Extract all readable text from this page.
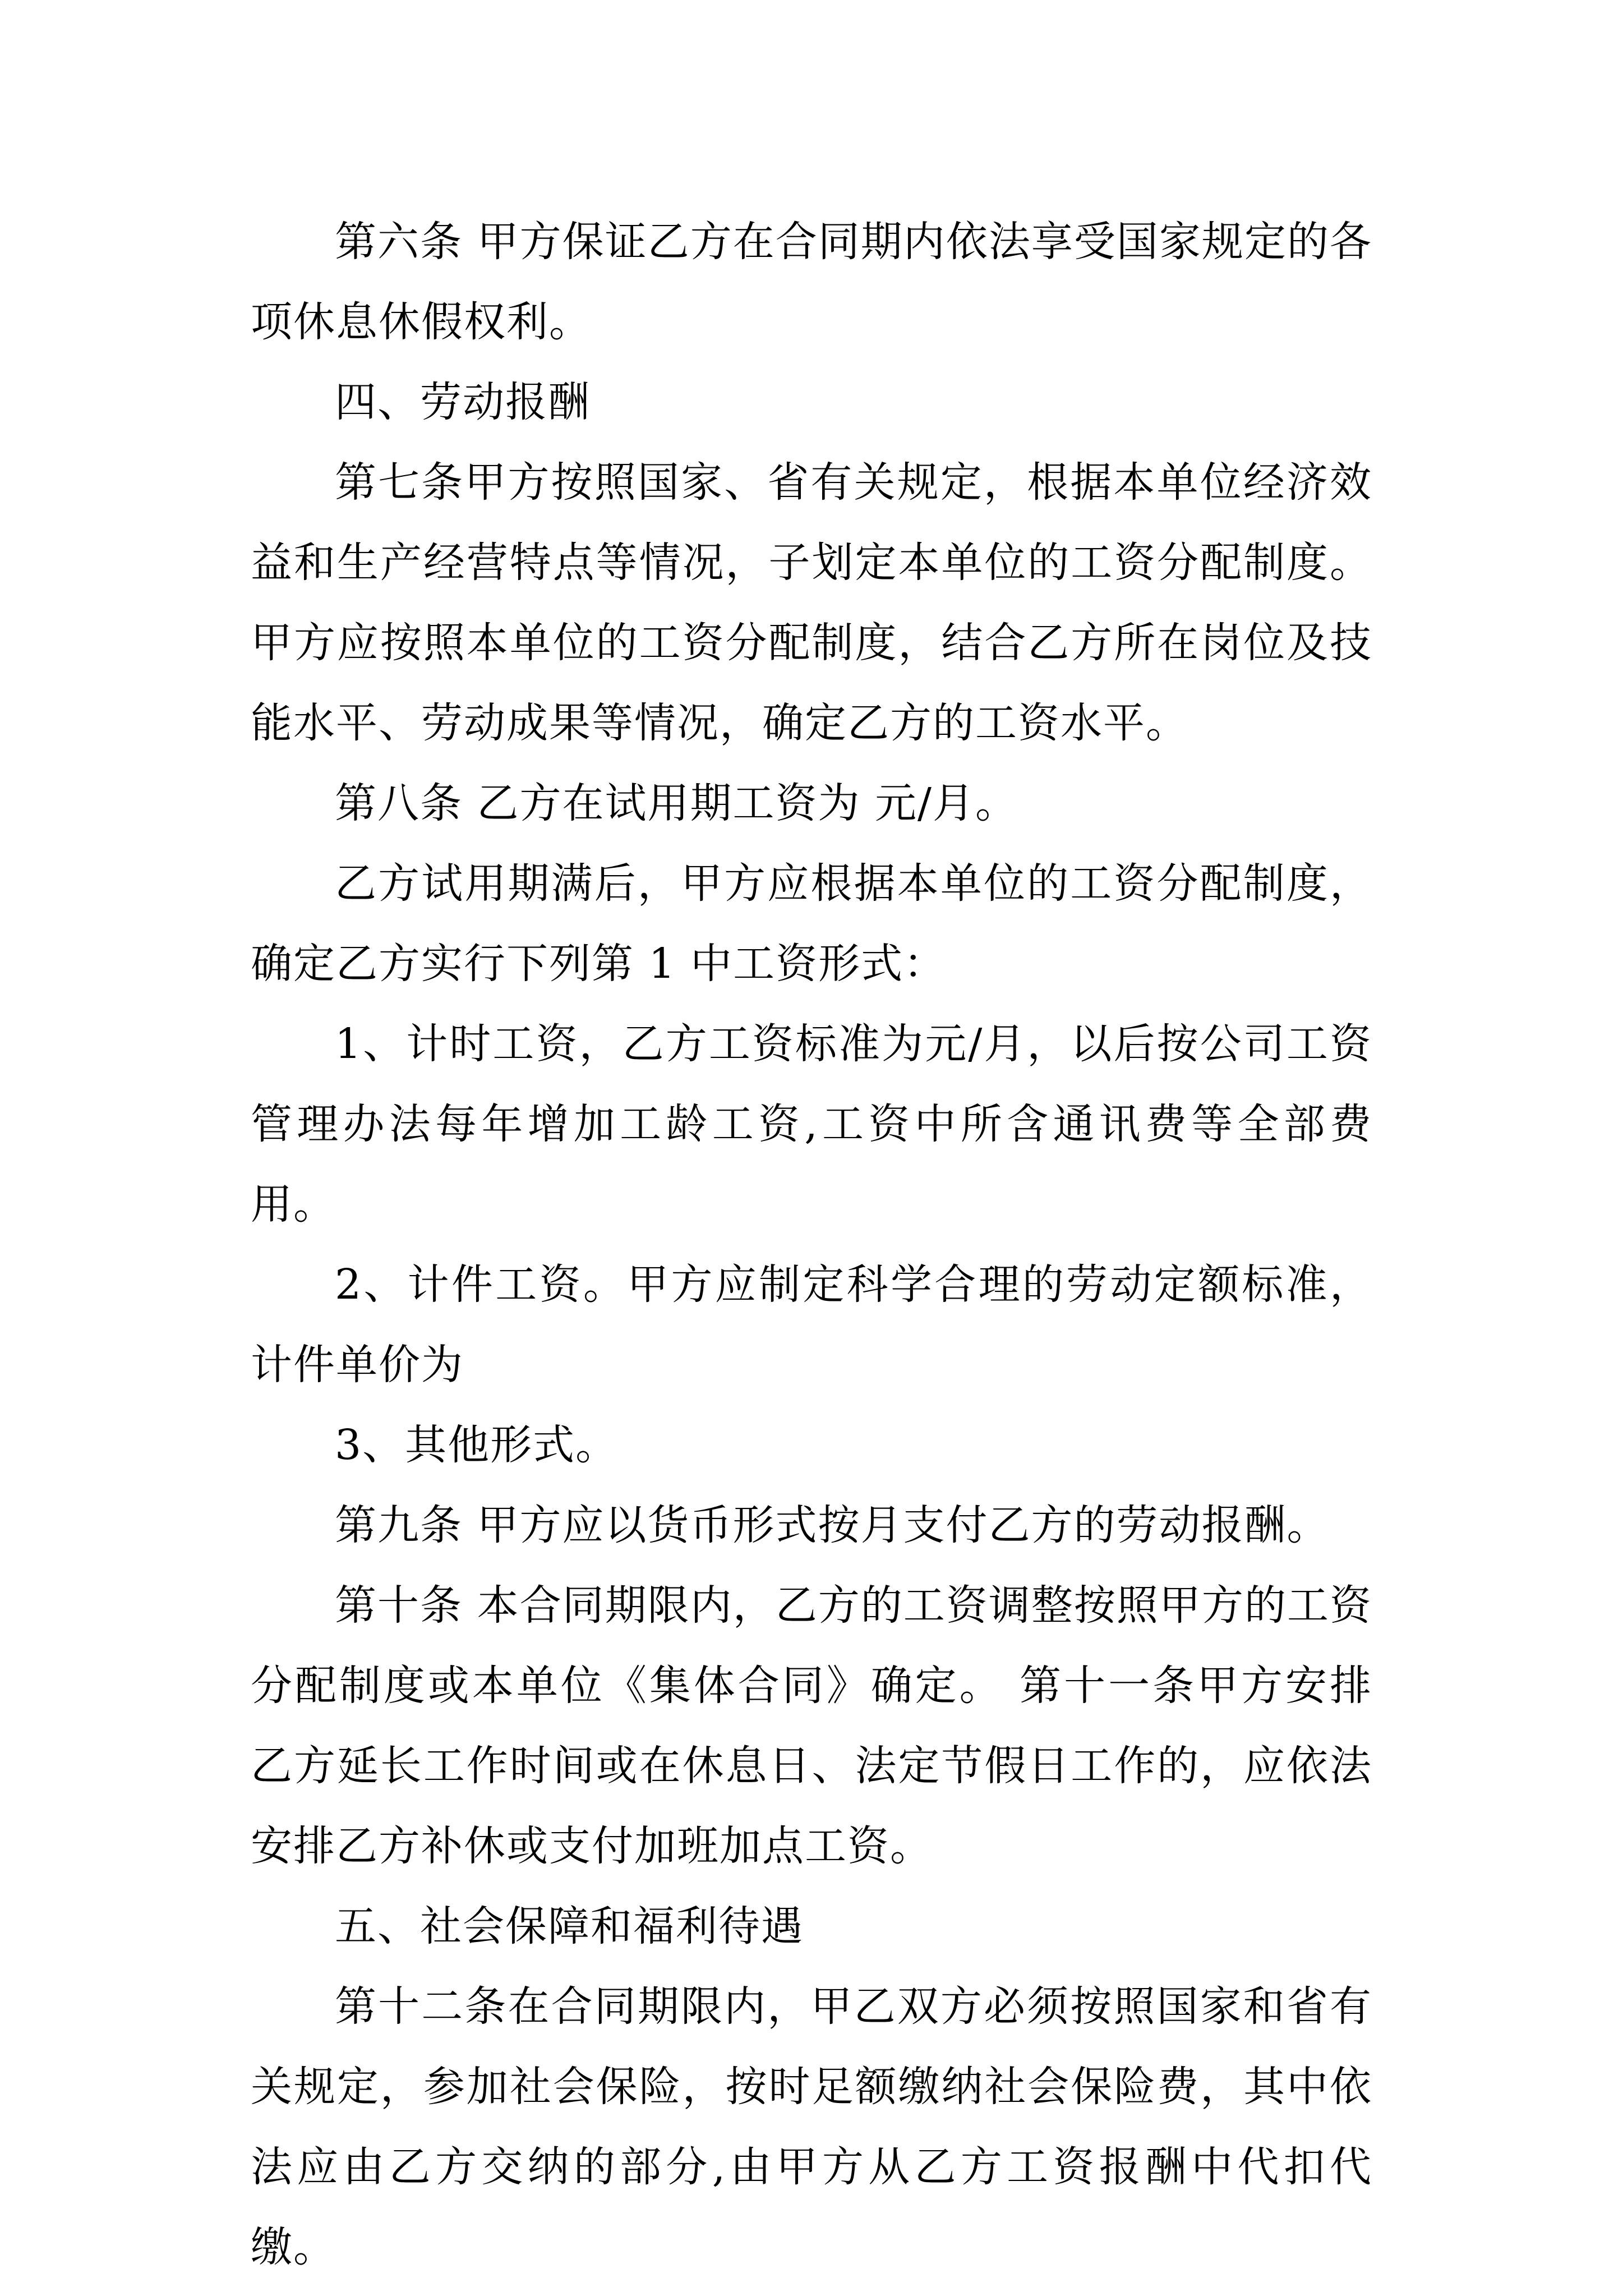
第六条 甲方保证乙方在合同期内依法享受国家规定的各项休息休假权利。

四、劳动报酬

第七条甲方按照国家、省有关规定，根据本单位经济效益和生产经营特点等情况，子划定本单位的工资分配制度。甲方应按照本单位的工资分配制度，结合乙方所在岗位及技能水平、劳动成果等情况，确定乙方的工资水平。

第八条 乙方在试用期工资为 元/月。

乙方试用期满后，甲方应根据本单位的工资分配制度，确定乙方实行下列第 1 中工资形式：

1、计时工资，乙方工资标准为元/月，以后按公司工资管理办法每年增加工龄工资,工资中所含通讯费等全部费用。

2、计件工资。甲方应制定科学合理的劳动定额标准，计件单价为

3、其他形式。

第九条 甲方应以货币形式按月支付乙方的劳动报酬。

第十条 本合同期限内，乙方的工资调整按照甲方的工资分配制度或本单位《集体合同》确定。 第十一条甲方安排乙方延长工作时间或在休息日、法定节假日工作的，应依法安排乙方补休或支付加班加点工资。

五、社会保障和福利待遇

第十二条在合同期限内，甲乙双方必须按照国家和省有关规定，参加社会保险，按时足额缴纳社会保险费，其中依法应由乙方交纳的部分,由甲方从乙方工资报酬中代扣代缴。
